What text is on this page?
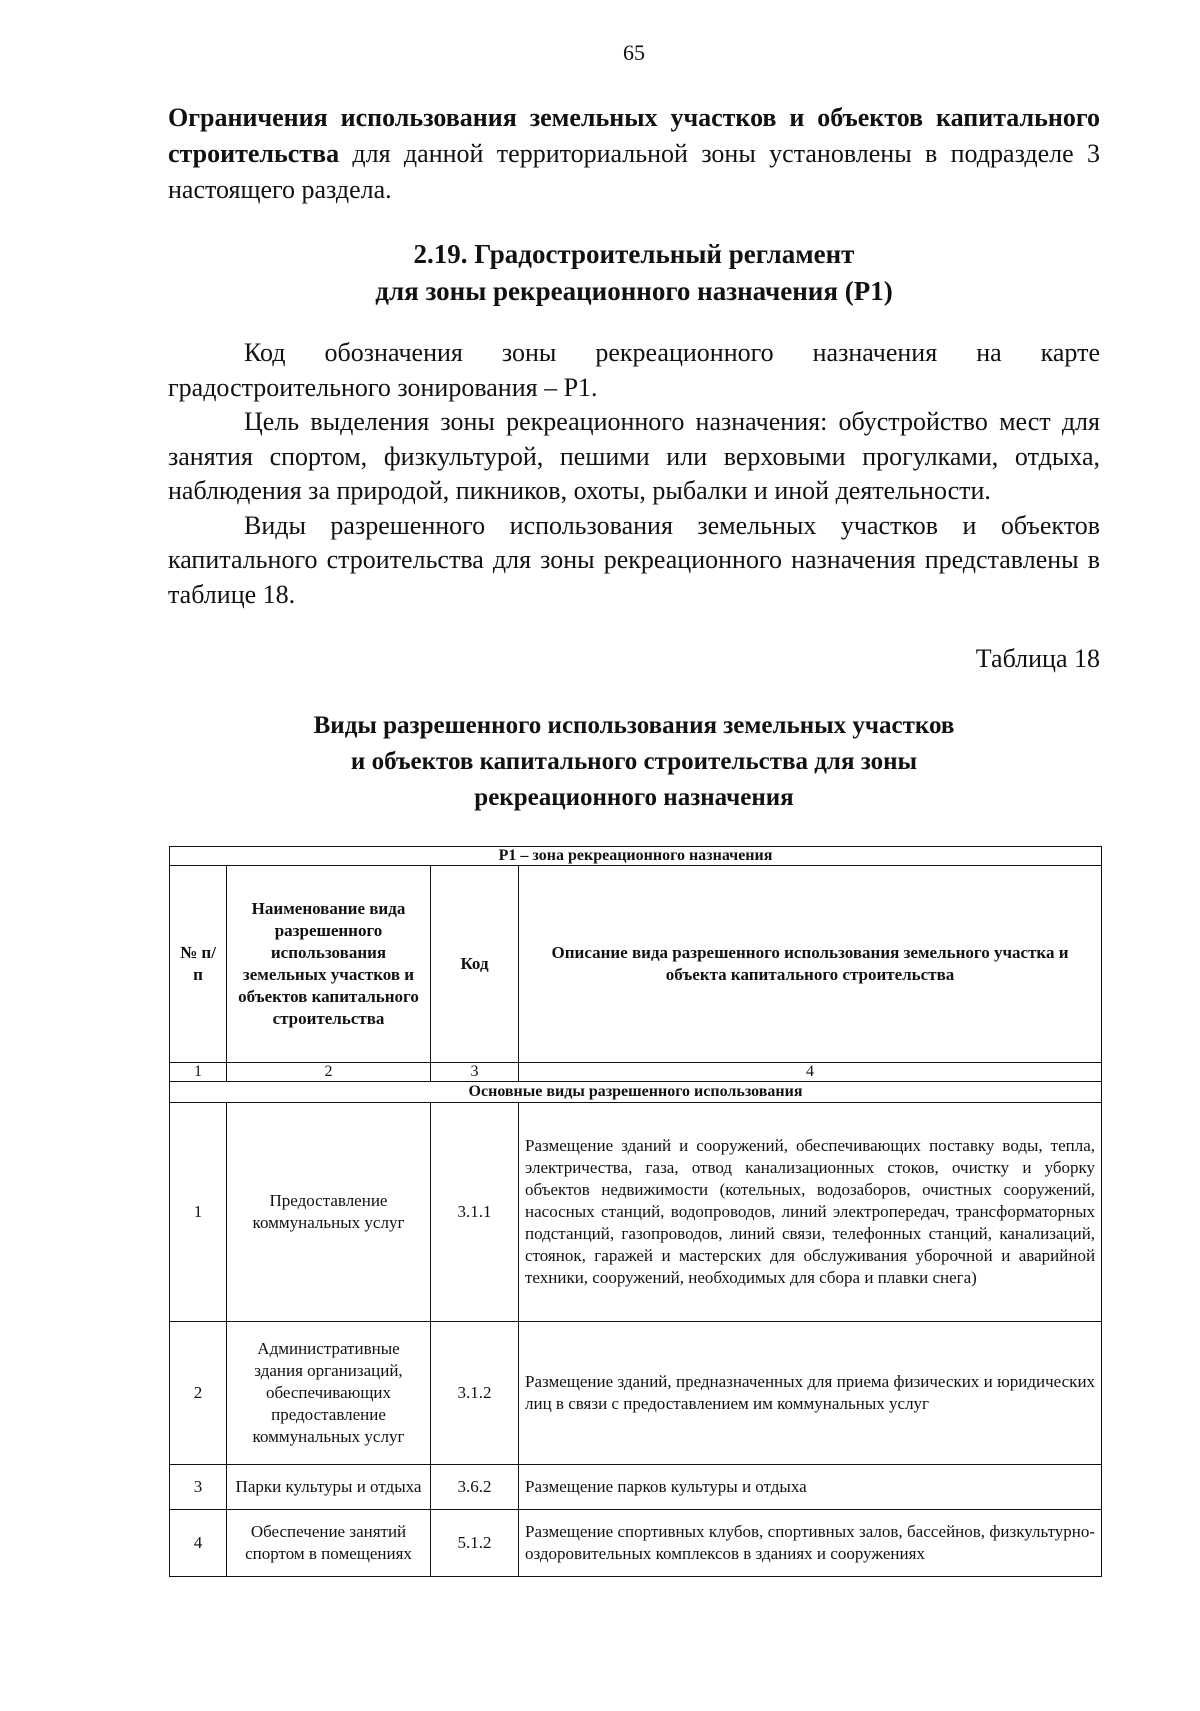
65
Ограничения использования земельных участков и объектов капитального строительства для данной территориальной зоны установлены в подразделе 3 настоящего раздела.
2.19. Градостроительный регламент
для зоны рекреационного назначения (Р1)

Код обозначения зоны рекреационного назначения на карте градостроительного зонирования – Р1.

Цель выделения зоны рекреационного назначения: обустройство мест для занятия спортом, физкультурой, пешими или верховыми прогулками, отдыха, наблюдения за природой, пикников, охоты, рыбалки и иной деятельности.

Виды разрешенного использования земельных участков и объектов капитального строительства для зоны рекреационного назначения представлены в таблице 18.

Таблица 18
Виды разрешенного использования земельных участков
и объектов капитального строительства для зоны
рекреационного назначения
Р1 – зона рекреационного назначения			
№ п/п	Наименование вида разрешенного использования земельных участков и объектов капитального строительства	Код	Описание вида разрешенного использования земельного участка и объекта капитального строительства
1	2	3	4
Основные виды разрешенного использования			
1	Предоставление коммунальных услуг	3.1.1	Размещение зданий и сооружений, обеспечивающих поставку воды, тепла, электричества, газа, отвод канализационных стоков, очистку и уборку объектов недвижимости (котельных, водозаборов, очистных сооружений, насосных станций, водопроводов, линий электропередач, трансформаторных подстанций, газопроводов, линий связи, телефонных станций, канализаций, стоянок, гаражей и мастерских для обслуживания уборочной и аварийной техники, сооружений, необходимых для сбора и плавки снега)
2	Административные здания организаций, обеспечивающих предоставление коммунальных услуг	3.1.2	Размещение зданий, предназначенных для приема физических и юридических лиц в связи с предоставлением им коммунальных услуг
3	Парки культуры и отдыха	3.6.2	Размещение парков культуры и отдыха
4	Обеспечение занятий спортом в помещениях	5.1.2	Размещение спортивных клубов, спортивных залов, бассейнов, физкультурно-оздоровительных комплексов в зданиях и сооружениях
